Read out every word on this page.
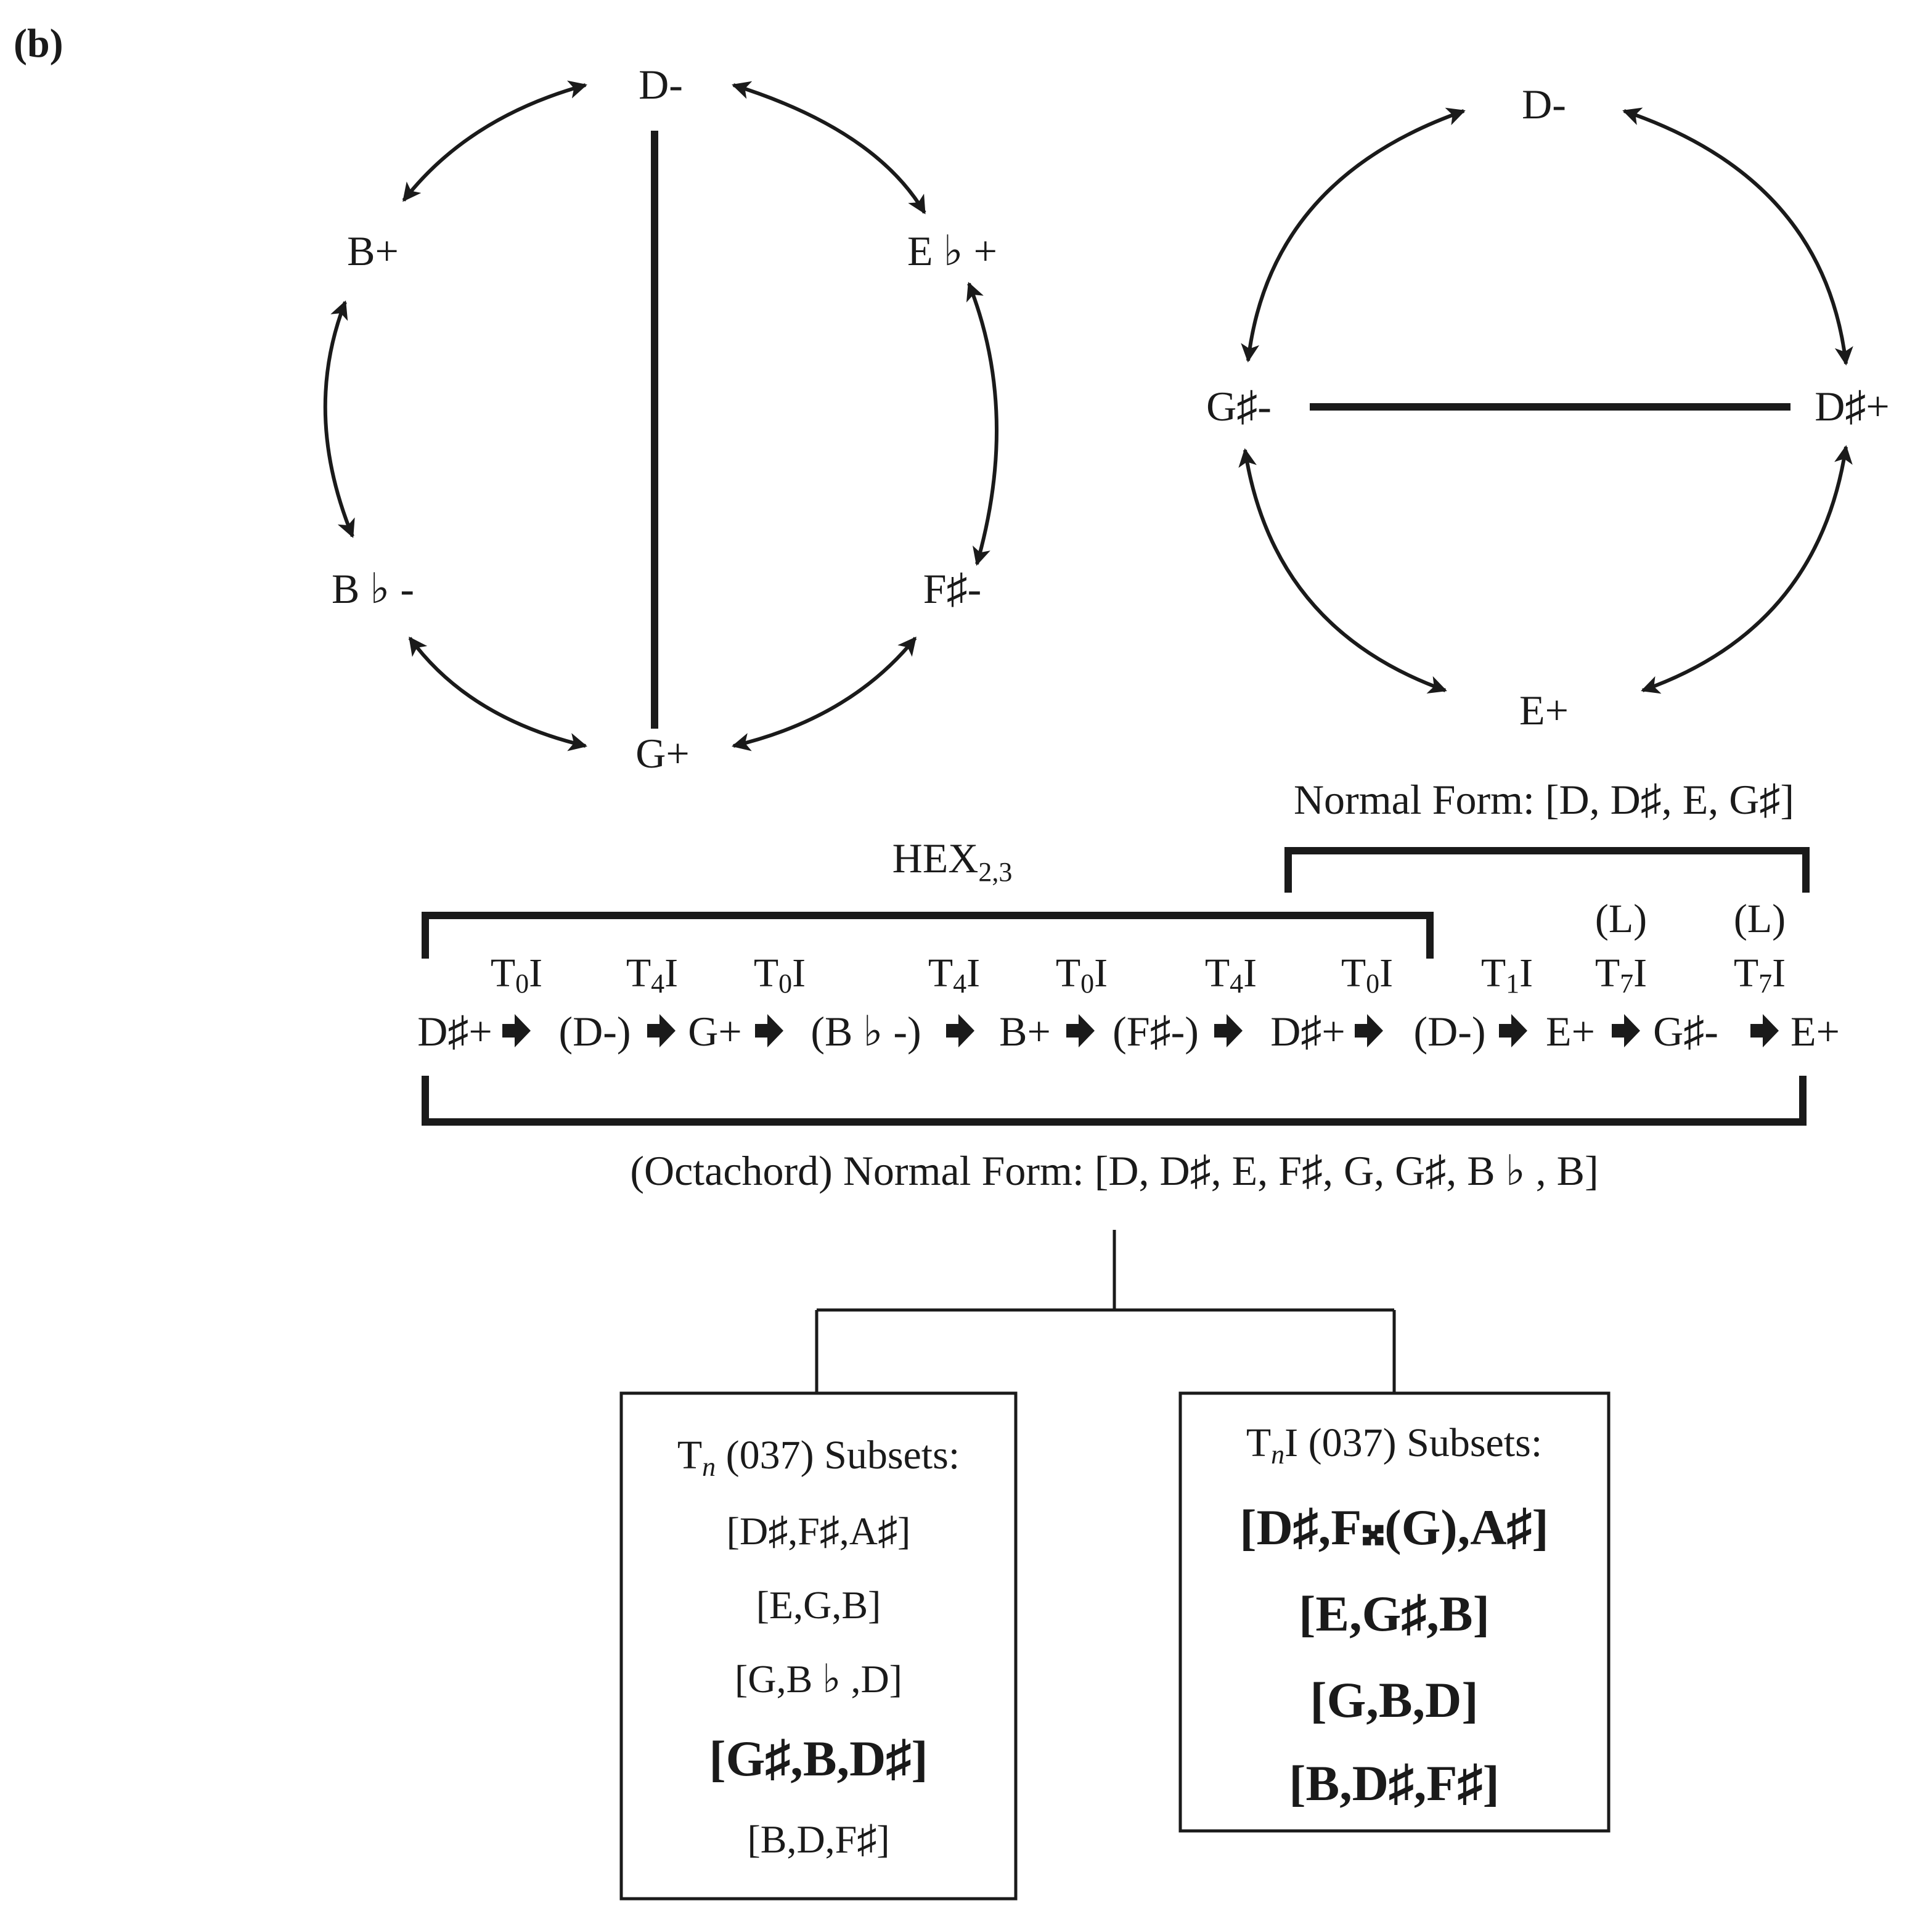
(b)
D-
E ♭ +
F♯-
G+
B ♭ -
B+
D-
D♯+
E+
G♯-
Normal Form: [D, D♯, E, G♯]
$HEX_{2,3}$
(L) (L)
T0I T4I T0I	T4I T0I T4I T0I T1I T7I T7I
D♯+ (D-) G+ (B ♭ -) B+ (F♯-) D♯+ (D-) E+ G♯- E+
(Octachord) Normal Form: [D, D♯, E, F♯, G, G♯, B ♭ , B]
Tn (037) Subsets:
[D♯,F♯,A♯]
[E,G,B]
[G,B ♭ ,D]
[G♯,B,D♯]
[B,D,F♯]
TnI (037) Subsets:
[D♯,F𝄪(G),A♯]
[E,G♯,B]
[G,B,D]
[B,D♯,F♯]
